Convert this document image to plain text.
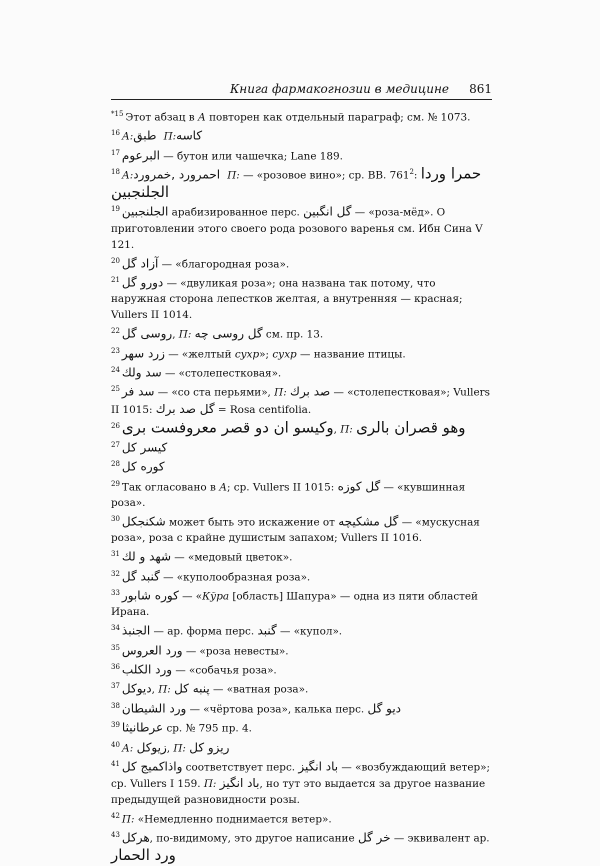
Книга фармакогнозии в медицине 861
$^{*15}$ Этот абзац в А повторен как отдельный параграф; см. № 1073.
$^{16}$ А: طبق П: كاسه
$^{17}$ البرعوم — бутон или чашечка; Lane 189.
$^{18}$ А: احمرورد ,خمرورد П: — «розовое вино»; ср. BB. $761^2$: حمرا وردا
الجلنجبين
$^{19}$ الجلنجبين арабизированное перс. گل انگبین — «роза-мёд». О приготовлении этого своего рода розового варенья см. Ибн Сина V 121.
$^{20}$ آزاد گل — «благородная роза».
$^{21}$ دورو گل — «двуликая роза»; она названа так потому, что наружная сторона лепестков желтая, а внутренняя — красная; Vullers II 1014.
$^{22}$ روسی گل, П: گل روسی چه см. пр. 13.
$^{23}$ زرد سهر — «желтый сухр»; сухр — название птицы.
$^{24}$ سد ولك — «столепестковая».
$^{25}$ سد فر — «со ста перьями», П: صد برك — «столепестковая»; Vullers II 1015: گل صد برك = Rosa centifolia.
$^{26}$ وكيسو ان دو قصر معروفست بری, П: وهو قصران بالری
$^{27}$ كيسر كل
$^{28}$ كوره كل
$^{29}$ Так огласовано в А; ср. Vullers II 1015: گل کوزه — «кувшинная роза».
$^{30}$ شكنجكل может быть это искажение от گل مشكیچه — «мускусная роза», роза с крайне душистым запахом; Vullers II 1016.
$^{31}$ شهد و لك — «медовый цветок».
$^{32}$ گنبد گل — «куполообразная роза».
$^{33}$ كوره شابور — «Кўра [область] Шапура» — одна из пяти областей Ирана.
$^{34}$ الجنبذ — ар. форма перс. گنبد — «купол».
$^{35}$ ورد العروس — «роза невесты».
$^{36}$ ورد الكلب — «собачья роза».
$^{37}$ ديوكل, П: پنبه كل — «ватная роза».
$^{38}$ ورد الشيطان — «чёртова роза», калька перс. ديو گل
$^{39}$ عرطانيثا ср. № 795 пр. 4.
$^{40}$ А: زيوكل, П: ريزو كل
$^{41}$ واذاكمیج كل соответствует перс. باد انگیز — «возбуждающий ветер»; ср. Vullers I 159. П: باد انگیز, но тут это выдается за другое название предыдущей разновидности розы.
$^{42}$ П: «Немедленно поднимается ветер».
$^{43}$ هركل, по-видимому, это другое написание خر گل — эквивалент ар.
ورد الحمار
